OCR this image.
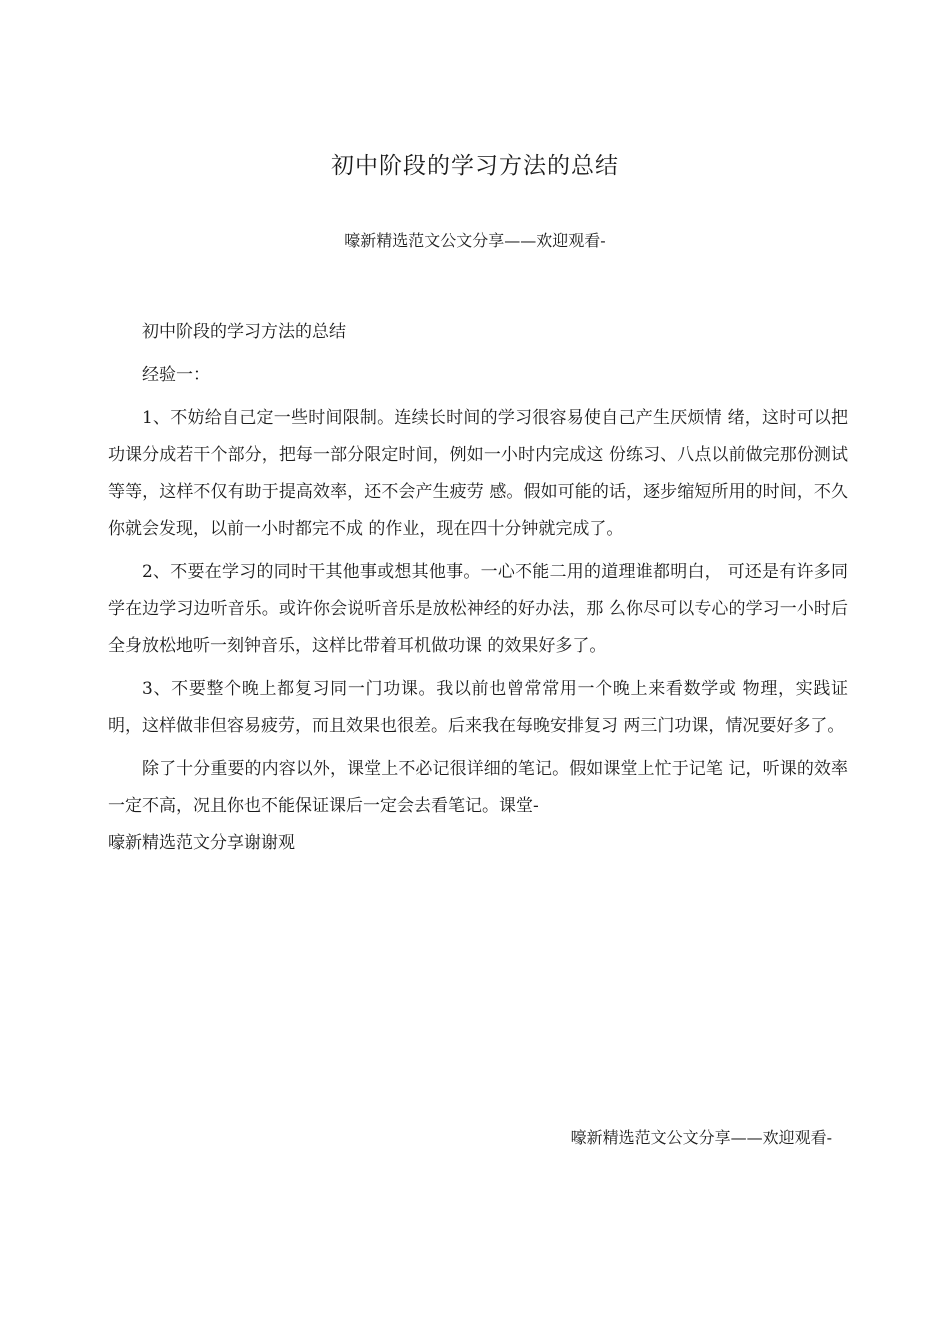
初中阶段的学习方法的总结
嚎新精选范文公文分享——欢迎观看-

初中阶段的学习方法的总结

经验一：

1、不妨给自己定一些时间限制。连续长时间的学习很容易使自己产生厌烦情 绪，这时可以把功课分成若干个部分，把每一部分限定时间，例如一小时内完成这 份练习、八点以前做完那份测试等等，这样不仅有助于提高效率，还不会产生疲劳 感。假如可能的话，逐步缩短所用的时间，不久你就会发现，以前一小时都完不成 的作业，现在四十分钟就完成了。

2、不要在学习的同时干其他事或想其他事。一心不能二用的道理谁都明白， 可还是有许多同学在边学习边听音乐。或许你会说听音乐是放松神经的好办法，那 么你尽可以专心的学习一小时后全身放松地听一刻钟音乐，这样比带着耳机做功课 的效果好多了。

3、不要整个晚上都复习同一门功课。我以前也曾常常用一个晚上来看数学或 物理，实践证明，这样做非但容易疲劳，而且效果也很差。后来我在每晚安排复习 两三门功课，情况要好多了。

除了十分重要的内容以外，课堂上不必记很详细的笔记。假如课堂上忙于记笔 记，听课的效率一定不高，况且你也不能保证课后一定会去看笔记。课堂-

嚎新精选范文分享谢谢观

嚎新精选范文公文分享——欢迎观看-
